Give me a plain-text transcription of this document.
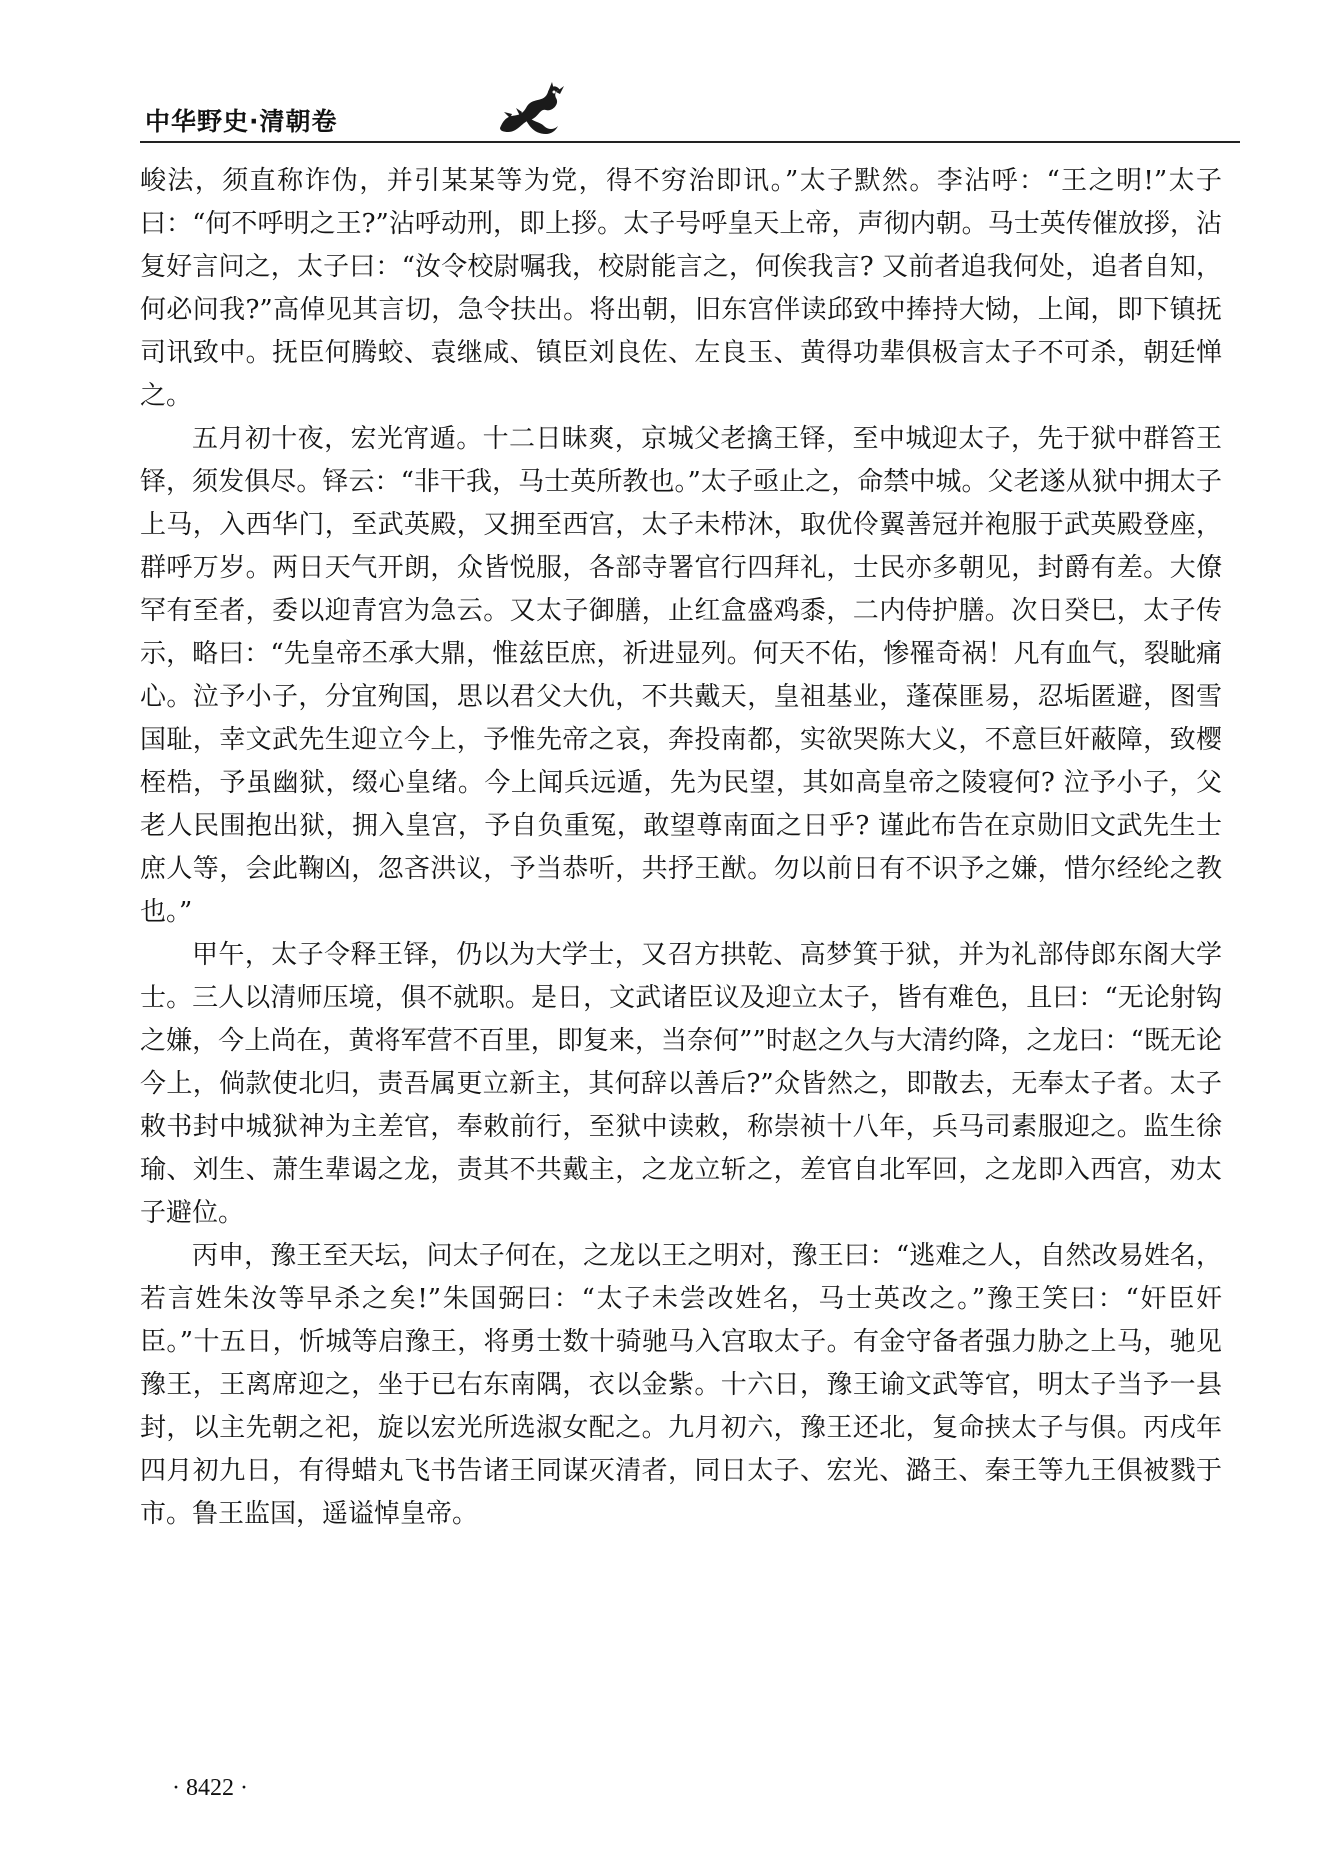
中华野史·清朝卷

峻法，须直称诈伪，并引某某等为党，得不穷治即讯。”太子默然。李沾呼：“王之明!”太子曰：“何不呼明之王?”沾呼动刑，即上拶。太子号呼皇天上帝，声彻内朝。马士英传催放拶，沾复好言问之，太子曰：“汝令校尉嘱我，校尉能言之，何俟我言? 又前者追我何处，追者自知，何必问我?”高倬见其言切，急令扶出。将出朝，旧东宫伴读邱致中捧持大恸，上闻，即下镇抚司讯致中。抚臣何腾蛟、袁继咸、镇臣刘良佐、左良玉、黄得功辈俱极言太子不可杀，朝廷惮之。

五月初十夜，宏光宵遁。十二日昧爽，京城父老擒王铎，至中城迎太子，先于狱中群笞王铎，须发俱尽。铎云：“非干我，马士英所教也。”太子亟止之，命禁中城。父老遂从狱中拥太子上马，入西华门，至武英殿，又拥至西宫，太子未栉沐，取优伶翼善冠并袍服于武英殿登座，群呼万岁。两日天气开朗，众皆悦服，各部寺署官行四拜礼，士民亦多朝见，封爵有差。大僚罕有至者，委以迎青宫为急云。又太子御膳，止红盒盛鸡黍，二内侍护膳。次日癸巳，太子传示，略曰：“先皇帝丕承大鼎，惟兹臣庶，祈进显列。何天不佑，惨罹奇祸！凡有血气，裂眦痛心。泣予小子，分宜殉国，思以君父大仇，不共戴天，皇祖基业，蓬葆匪易，忍垢匿避，图雪国耻，幸文武先生迎立今上，予惟先帝之哀，奔投南都，实欲哭陈大义，不意巨奸蔽障，致樱桎梏，予虽幽狱，缀心皇绪。今上闻兵远遁，先为民望，其如高皇帝之陵寝何? 泣予小子，父老人民围抱出狱，拥入皇宫，予自负重冤，敢望尊南面之日乎? 谨此布告在京勋旧文武先生士庶人等，会此鞠凶，忽吝洪议，予当恭听，共抒王猷。勿以前日有不识予之嫌，惜尔经纶之教也。”

甲午，太子令释王铎，仍以为大学士，又召方拱乾、高梦箕于狱，并为礼部侍郎东阁大学士。三人以清师压境，俱不就职。是日，文武诸臣议及迎立太子，皆有难色，且曰：“无论射钩之嫌，今上尚在，黄将军营不百里，即复来，当奈何””时赵之久与大清约降，之龙曰：“既无论今上，倘款使北归，责吾属更立新主，其何辞以善后?”众皆然之，即散去，无奉太子者。太子敕书封中城狱神为主差官，奉敕前行，至狱中读敕，称崇祯十八年，兵马司素服迎之。监生徐瑜、刘生、萧生辈谒之龙，责其不共戴主，之龙立斩之，差官自北军回，之龙即入西宫，劝太子避位。

丙申，豫王至天坛，问太子何在，之龙以王之明对，豫王曰：“逃难之人，自然改易姓名，若言姓朱汝等早杀之矣!”朱国弼曰：“太子未尝改姓名，马士英改之。”豫王笑曰：“奸臣奸臣。”十五日，忻城等启豫王，将勇士数十骑驰马入宫取太子。有金守备者强力胁之上马，驰见豫王，王离席迎之，坐于已右东南隅，衣以金紫。十六日，豫王谕文武等官，明太子当予一县封，以主先朝之祀，旋以宏光所选淑女配之。九月初六，豫王还北，复命挟太子与俱。丙戌年四月初九日，有得蜡丸飞书告诸王同谋灭清者，同日太子、宏光、潞王、秦王等九王俱被戮于市。鲁王监国，遥谥悼皇帝。

· 8422 ·
